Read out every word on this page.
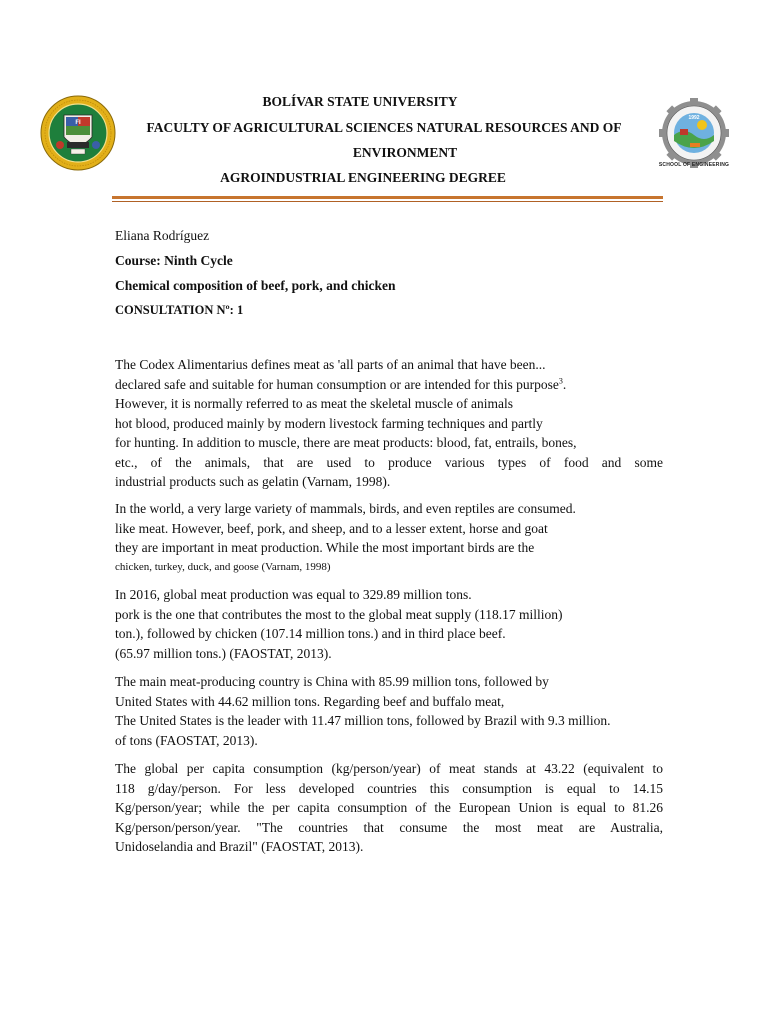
FI
1992
SCHOOL OF ENGINEERING
BOLÍVAR STATE UNIVERSITY
FACULTY OF AGRICULTURAL SCIENCES NATURAL RESOURCES AND OF
ENVIRONMENT
AGROINDUSTRIAL ENGINEERING DEGREE
Eliana Rodríguez
Course: Ninth Cycle
Chemical composition of beef, pork, and chicken
CONSULTATION Nº: 1
The Codex Alimentarius defines meat as 'all parts of an animal that have been...
declared safe and suitable for human consumption or are intended for this purpose$^3$.
However, it is normally referred to as meat the skeletal muscle of animals
hot blood, produced mainly by modern livestock farming techniques and partly
for hunting. In addition to muscle, there are meat products: blood, fat, entrails, bones,
etc., of the animals, that are used to produce various types of food and some
industrial products such as gelatin (Varnam, 1998).
In the world, a very large variety of mammals, birds, and even reptiles are consumed.
like meat. However, beef, pork, and sheep, and to a lesser extent, horse and goat
they are important in meat production. While the most important birds are the
chicken, turkey, duck, and goose (Varnam, 1998)
In 2016, global meat production was equal to 329.89 million tons.
pork is the one that contributes the most to the global meat supply (118.17 million)
ton.), followed by chicken (107.14 million tons.) and in third place beef.
(65.97 million tons.) (FAOSTAT, 2013).
The main meat-producing country is China with 85.99 million tons, followed by
United States with 44.62 million tons. Regarding beef and buffalo meat,
The United States is the leader with 11.47 million tons, followed by Brazil with 9.3 million.
of tons (FAOSTAT, 2013).
The global per capita consumption (kg/person/year) of meat stands at 43.22 (equivalent to
118 g/day/person. For less developed countries this consumption is equal to 14.15
Kg/person/year; while the per capita consumption of the European Union is equal to 81.26
Kg/person/person/year. "The countries that consume the most meat are Australia,
Unidoselandia and Brazil" (FAOSTAT, 2013).
